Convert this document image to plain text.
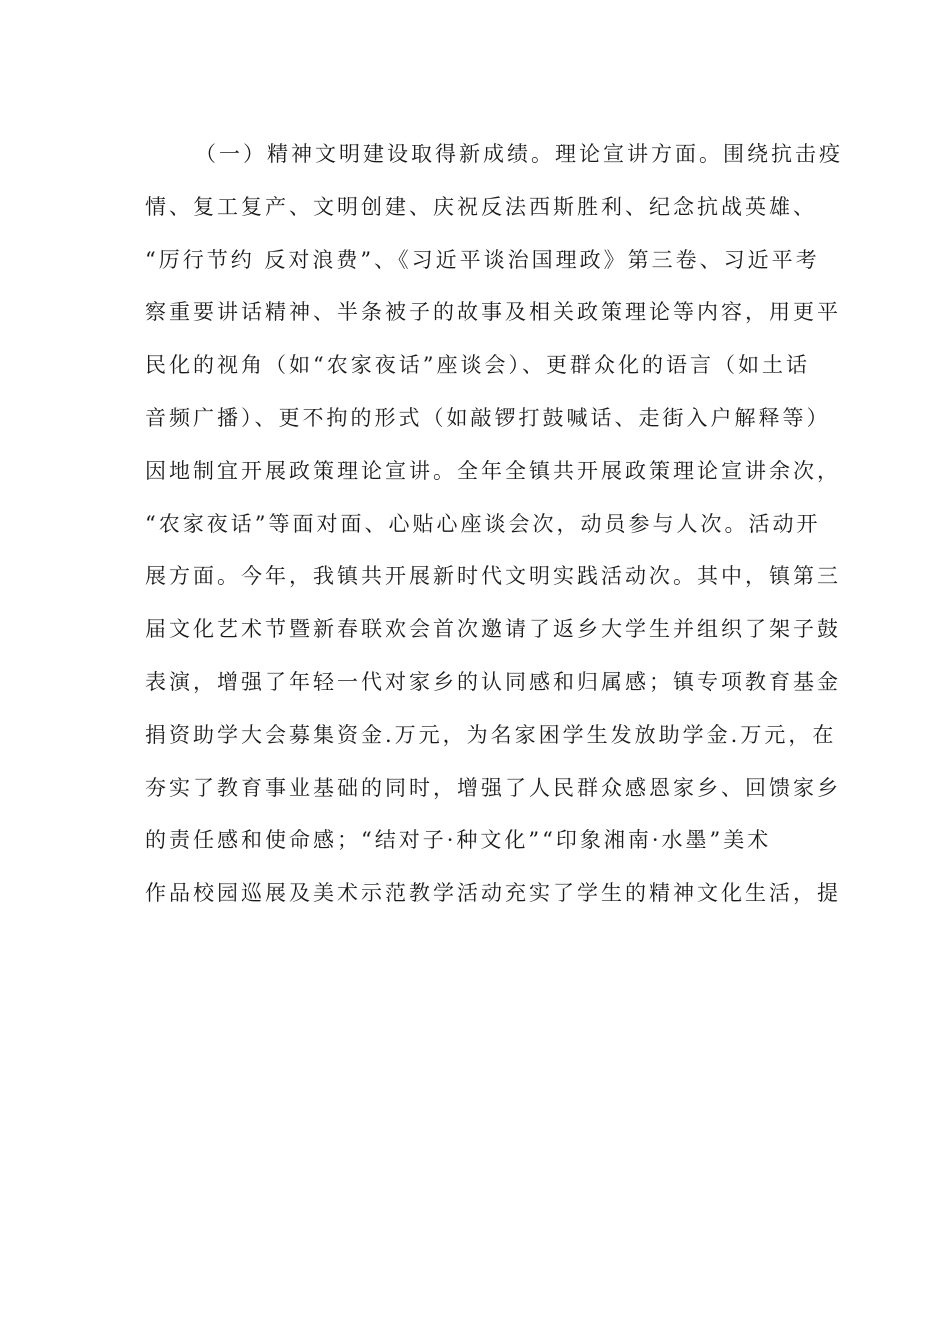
（一）精神文明建设取得新成绩。理论宣讲方面。围绕抗击疫
情、复工复产、文明创建、庆祝反法西斯胜利、纪念抗战英雄、
“厉行节约 反对浪费”、《习近平谈治国理政》第三卷、习近平考
察重要讲话精神、半条被子的故事及相关政策理论等内容，用更平
民化的视角（如“农家夜话”座谈会）、更群众化的语言（如土话
音频广播）、更不拘的形式（如敲锣打鼓喊话、走街入户解释等）
因地制宜开展政策理论宣讲。全年全镇共开展政策理论宣讲余次，
“农家夜话”等面对面、心贴心座谈会次，动员参与人次。活动开
展方面。今年，我镇共开展新时代文明实践活动次。其中，镇第三
届文化艺术节暨新春联欢会首次邀请了返乡大学生并组织了架子鼓
表演，增强了年轻一代对家乡的认同感和归属感；镇专项教育基金
捐资助学大会募集资金.万元，为名家困学生发放助学金.万元，在
夯实了教育事业基础的同时，增强了人民群众感恩家乡、回馈家乡
的责任感和使命感；“结对子·种文化”“印象湘南·水墨”美术
作品校园巡展及美术示范教学活动充实了学生的精神文化生活，提
